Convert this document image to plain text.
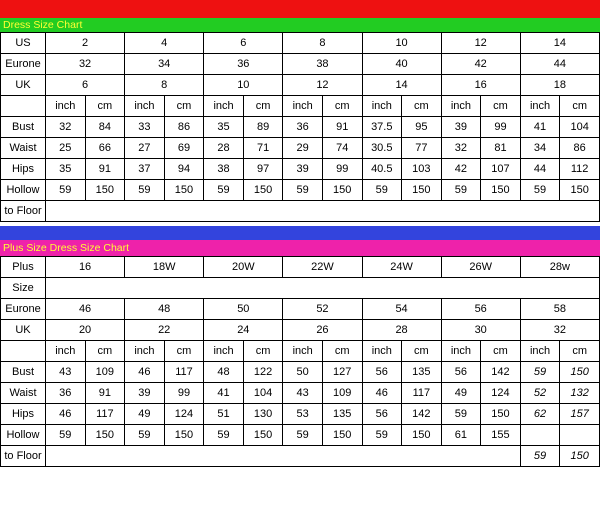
Dress Size Chart
US	2		4		6		8		10		12		14	
Eurone	32		34		36		38		40		42		44	
UK	6		8		10		12		14		16		18	
	inch	cm	inch	cm	inch	cm	inch	cm	inch	cm	inch	cm	inch	cm
Bust	32	84	33	86	35	89	36	91	37.5	95	39	99	41	104
Waist	25	66	27	69	28	71	29	74	30.5	77	32	81	34	86
Hips	35	91	37	94	38	97	39	99	40.5	103	42	107	44	112
Hollow	59	150	59	150	59	150	59	150	59	150	59	150	59	150
to Floor														
Plus Size Dress Size Chart
Plus	16		18W		20W		22W		24W		26W		28w	
Size														
Eurone	46		48		50		52		54		56		58	
UK	20		22		24		26		28		30		32	
	inch	cm	inch	cm	inch	cm	inch	cm	inch	cm	inch	cm	inch	cm
Bust	43	109	46	117	48	122	50	127	56	135	56	142	59	150
Waist	36	91	39	99	41	104	43	109	46	117	49	124	52	132
Hips	46	117	49	124	51	130	53	135	56	142	59	150	62	157
Hollow	59	150	59	150	59	150	59	150	59	150	61	155		
to Floor													59	150
